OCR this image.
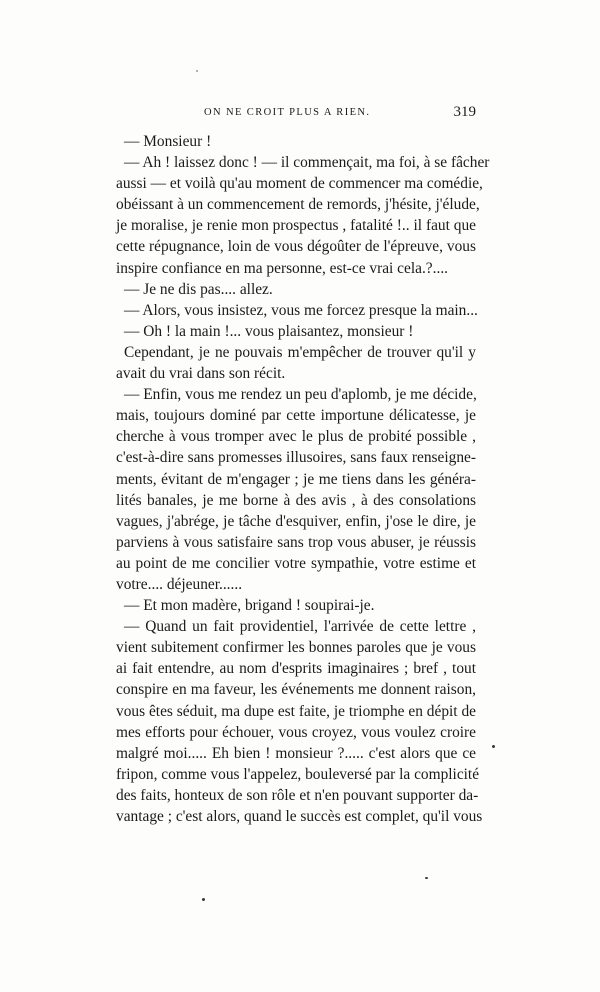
ON NE CROIT PLUS A RIEN.	319
— Monsieur !
— Ah ! laissez donc ! — il commençait, ma foi, à se fâcher
aussi — et voilà qu'au moment de commencer ma comédie,
obéissant à un commencement de remords, j'hésite, j'élude,
je moralise, je renie mon prospectus , fatalité !.. il faut que
cette répugnance, loin de vous dégoûter de l'épreuve, vous
inspire confiance en ma personne, est-ce vrai cela.?....
— Je ne dis pas.... allez.
— Alors, vous insistez, vous me forcez presque la main...
— Oh ! la main !... vous plaisantez, monsieur !
Cependant, je ne pouvais m'empêcher de trouver qu'il y
avait du vrai dans son récit.
— Enfin, vous me rendez un peu d'aplomb, je me décide,
mais, toujours dominé par cette importune délicatesse, je
cherche à vous tromper avec le plus de probité possible ,
c'est-à-dire sans promesses illusoires, sans faux renseigne-
ments, évitant de m'engager ; je me tiens dans les généra-
lités banales, je me borne à des avis , à des consolations
vagues, j'abrége, je tâche d'esquiver, enfin, j'ose le dire, je
parviens à vous satisfaire sans trop vous abuser, je réussis
au point de me concilier votre sympathie, votre estime et
votre.... déjeuner......
— Et mon madère, brigand ! soupirai-je.
— Quand un fait providentiel, l'arrivée de cette lettre ,
vient subitement confirmer les bonnes paroles que je vous
ai fait entendre, au nom d'esprits imaginaires ; bref , tout
conspire en ma faveur, les événements me donnent raison,
vous êtes séduit, ma dupe est faite, je triomphe en dépit de
mes efforts pour échouer, vous croyez, vous voulez croire
malgré moi..... Eh bien ! monsieur ?..... c'est alors que ce
fripon, comme vous l'appelez, bouleversé par la complicité
des faits, honteux de son rôle et n'en pouvant supporter da-
vantage ; c'est alors, quand le succès est complet, qu'il vous
